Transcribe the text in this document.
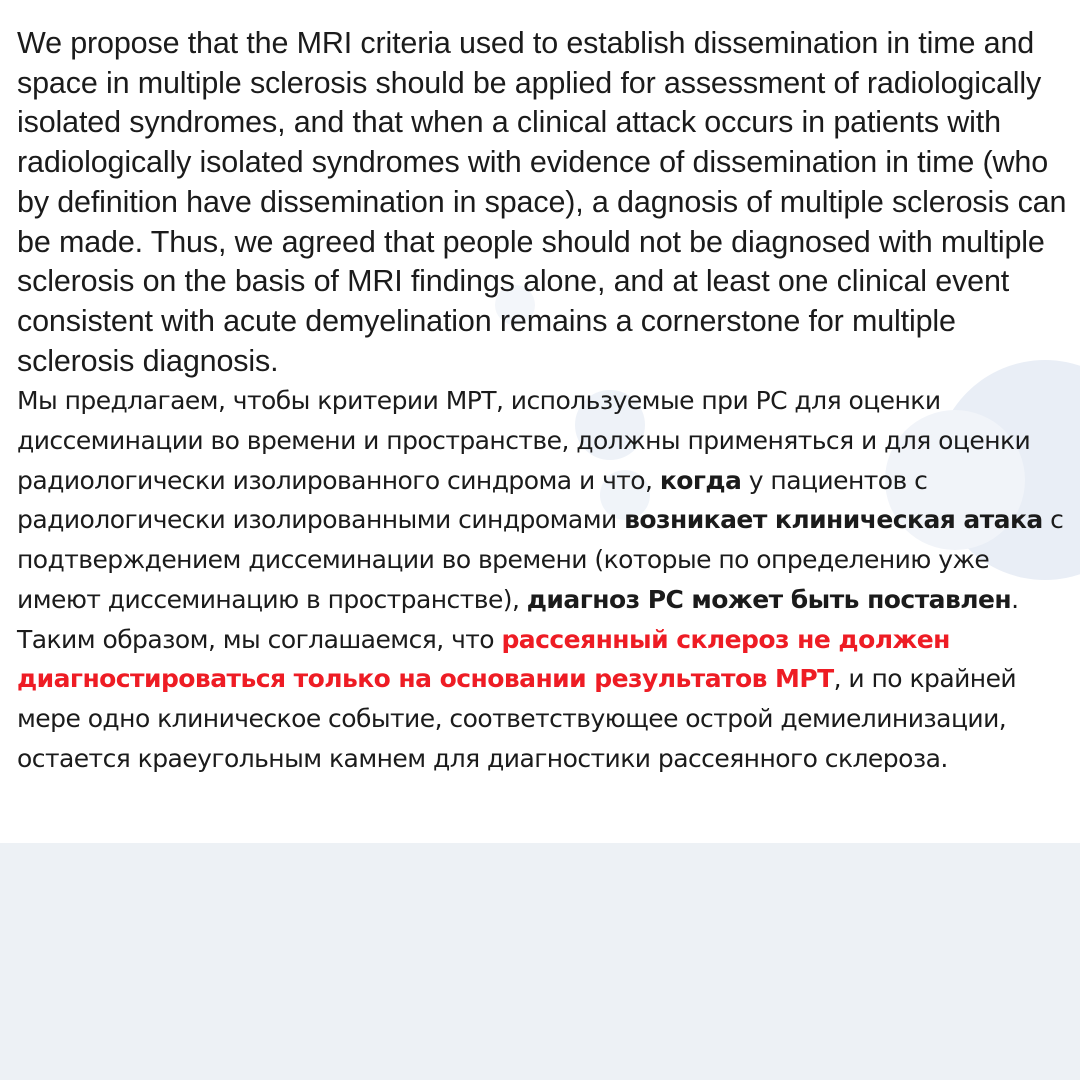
We propose that the MRI criteria used to establish dissemination in time and space in multiple sclerosis should be applied for assessment of radiologically isolated syndromes, and that when a clinical attack occurs in patients with radiologically isolated syndromes with evidence of dissemination in time (who by definition have dissemination in space), a dagnosis of multiple sclerosis can be made. Thus, we agreed that people should not be diagnosed with multiple sclerosis on the basis of MRI findings alone, and at least one clinical event consistent with acute demyelination remains a cornerstone for multiple sclerosis diagnosis.

Мы предлагаем, чтобы критерии МРТ, используемые при РС для оценки диссеминации во времени и пространстве, должны применяться и для оценки радиологически изолированного синдрома и что, когда у пациентов с радиологически изолированными синдромами возникает клиническая атака с подтверждением диссеминации во времени (которые по определению уже имеют диссеминацию в пространстве), диагноз РС может быть поставлен. Таким образом, мы соглашаемся, что рассеянный склероз не должен диагностироваться только на основании результатов МРТ, и по крайней мере одно клиническое событие, соответствующее острой демиелинизации, остается краеугольным камнем для диагностики рассеянного склероза.
